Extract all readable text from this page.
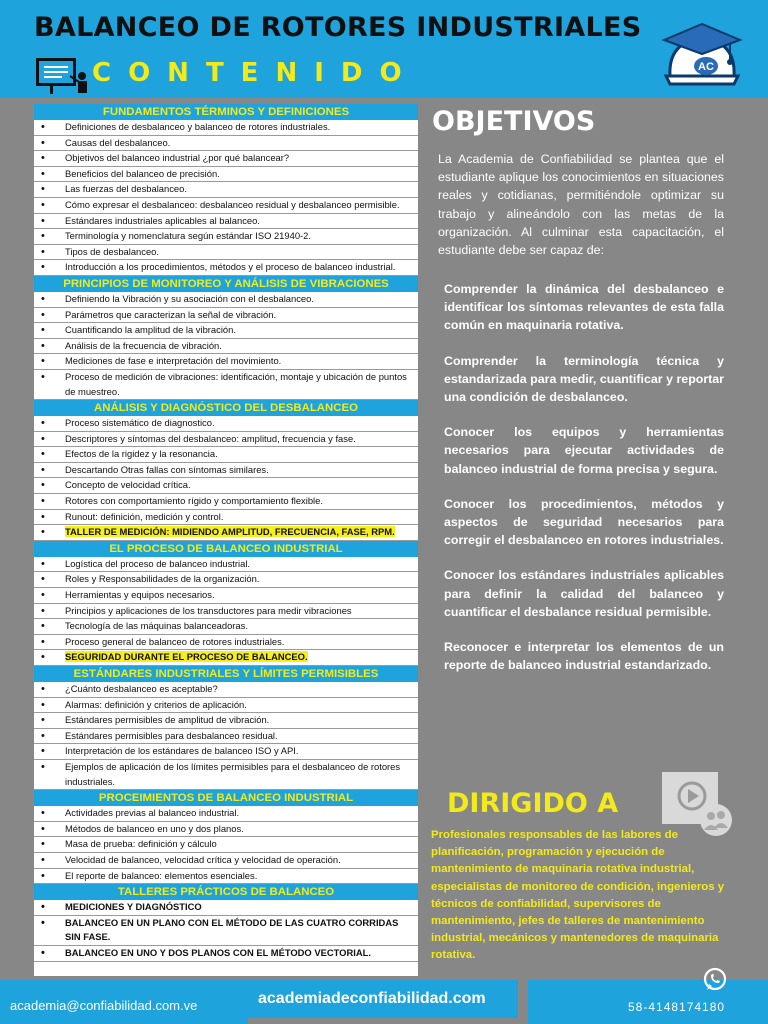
BALANCEO DE ROTORES INDUSTRIALES
CONTENIDO	AC
FUNDAMENTOS TÉRMINOS Y DEFINICIONES
• Definiciones de desbalanceo y balanceo de rotores industriales.
• Causas del desbalanceo.
• Objetivos del balanceo industrial ¿por qué balancear?
• Beneficios del balanceo de precisión.
• Las fuerzas del desbalanceo.
• Cómo expresar el desbalanceo: desbalanceo residual y desbalanceo permisible.
• Estándares industriales aplicables al balanceo.
• Terminología y nomenclatura según estándar ISO 21940-2.
• Tipos de desbalanceo.
• Introducción a los procedimientos, métodos y el proceso de balanceo industrial.
PRINCIPIOS DE MONITOREO Y ANÁLISIS DE VIBRACIONES
• Definiendo la Vibración y su asociación con el desbalanceo.
• Parámetros que caracterizan la señal de vibración.
• Cuantificando la amplitud de la vibración.
• Análisis de la frecuencia de vibración.
• Mediciones de fase e interpretación del movimiento.
• Proceso de medición de vibraciones: identificación, montaje y ubicación de puntos de muestreo.
ANÁLISIS Y DIAGNÓSTICO DEL DESBALANCEO
• Proceso sistemático de diagnostico.
• Descriptores y síntomas del desbalanceo: amplitud, frecuencia y fase.
• Efectos de la rigidez y la resonancia.
• Descartando Otras fallas con síntomas similares.
• Concepto de velocidad crítica.
• Rotores con comportamiento rígido y comportamiento flexible.
• Runout: definición, medición y control.
• TALLER DE MEDICIÓN: MIDIENDO AMPLITUD, FRECUENCIA, FASE, RPM.
EL PROCESO DE BALANCEO INDUSTRIAL
• Logística del proceso de balanceo industrial.
• Roles y Responsabilidades de la organización.
• Herramientas y equipos necesarios.
• Principios y aplicaciones de los transductores para medir vibraciones
• Tecnología de las máquinas balanceadoras.
• Proceso general de balanceo de rotores industriales.
• SEGURIDAD DURANTE EL PROCESO DE BALANCEO.
ESTÁNDARES INDUSTRIALES Y LÍMITES PERMISIBLES
• ¿Cuánto desbalanceo es aceptable?
• Alarmas: definición y criterios de aplicación.
• Estándares permisibles de amplitud de vibración.
• Estándares permisibles para desbalanceo residual.
• Interpretación de los estándares de balanceo ISO y API.
• Ejemplos de aplicación de los límites permisibles para el desbalanceo de rotores industriales.
PROCEIMIENTOS DE BALANCEO INDUSTRIAL
• Actividades previas al balanceo industrial.
• Métodos de balanceo en uno y dos planos.
• Masa de prueba: definición y cálculo
• Velocidad de balanceo, velocidad crítica y velocidad de operación.
• El reporte de balanceo: elementos esenciales.
TALLERES PRÁCTICOS DE BALANCEO
• MEDICIONES Y DIAGNÓSTICO
• BALANCEO EN UN PLANO CON EL MÉTODO DE LAS CUATRO CORRIDAS SIN FASE.
• BALANCEO EN UNO Y DOS PLANOS CON EL MÉTODO VECTORIAL.
OBJETIVOS
La Academia de Confiabilidad se plantea que el estudiante aplique los conocimientos en situaciones reales y cotidianas, permitiéndole optimizar su trabajo y alineándolo con las metas de la organización. Al culminar esta capacitación, el estudiante debe ser capaz de:
Comprender la dinámica del desbalanceo e identificar los síntomas relevantes de esta falla común en maquinaria rotativa.
Comprender la terminología técnica y estandarizada para medir, cuantificar y reportar una condición de desbalanceo.
Conocer los equipos y herramientas necesarios para ejecutar actividades de balanceo industrial de forma precisa y segura.
Conocer los procedimientos, métodos y aspectos de seguridad necesarios para corregir el desbalanceo en rotores industriales.
Conocer los estándares industriales aplicables para definir la calidad del balanceo y cuantificar el desbalance residual permisible.
Reconocer e interpretar los elementos de un reporte de balanceo industrial estandarizado.
DIRIGIDO A
Profesionales responsables de las labores de planificación, programación y ejecución de mantenimiento de maquinaria rotativa industrial, especialistas de monitoreo de condición, ingenieros y técnicos de confiabilidad, supervisores de mantenimiento, jefes de talleres de mantenimiento industrial, mecánicos y mantenedores de maquinaria rotativa.
academia@confiabilidad.com.ve	academiadeconfiabilidad.com	58-4148174180
